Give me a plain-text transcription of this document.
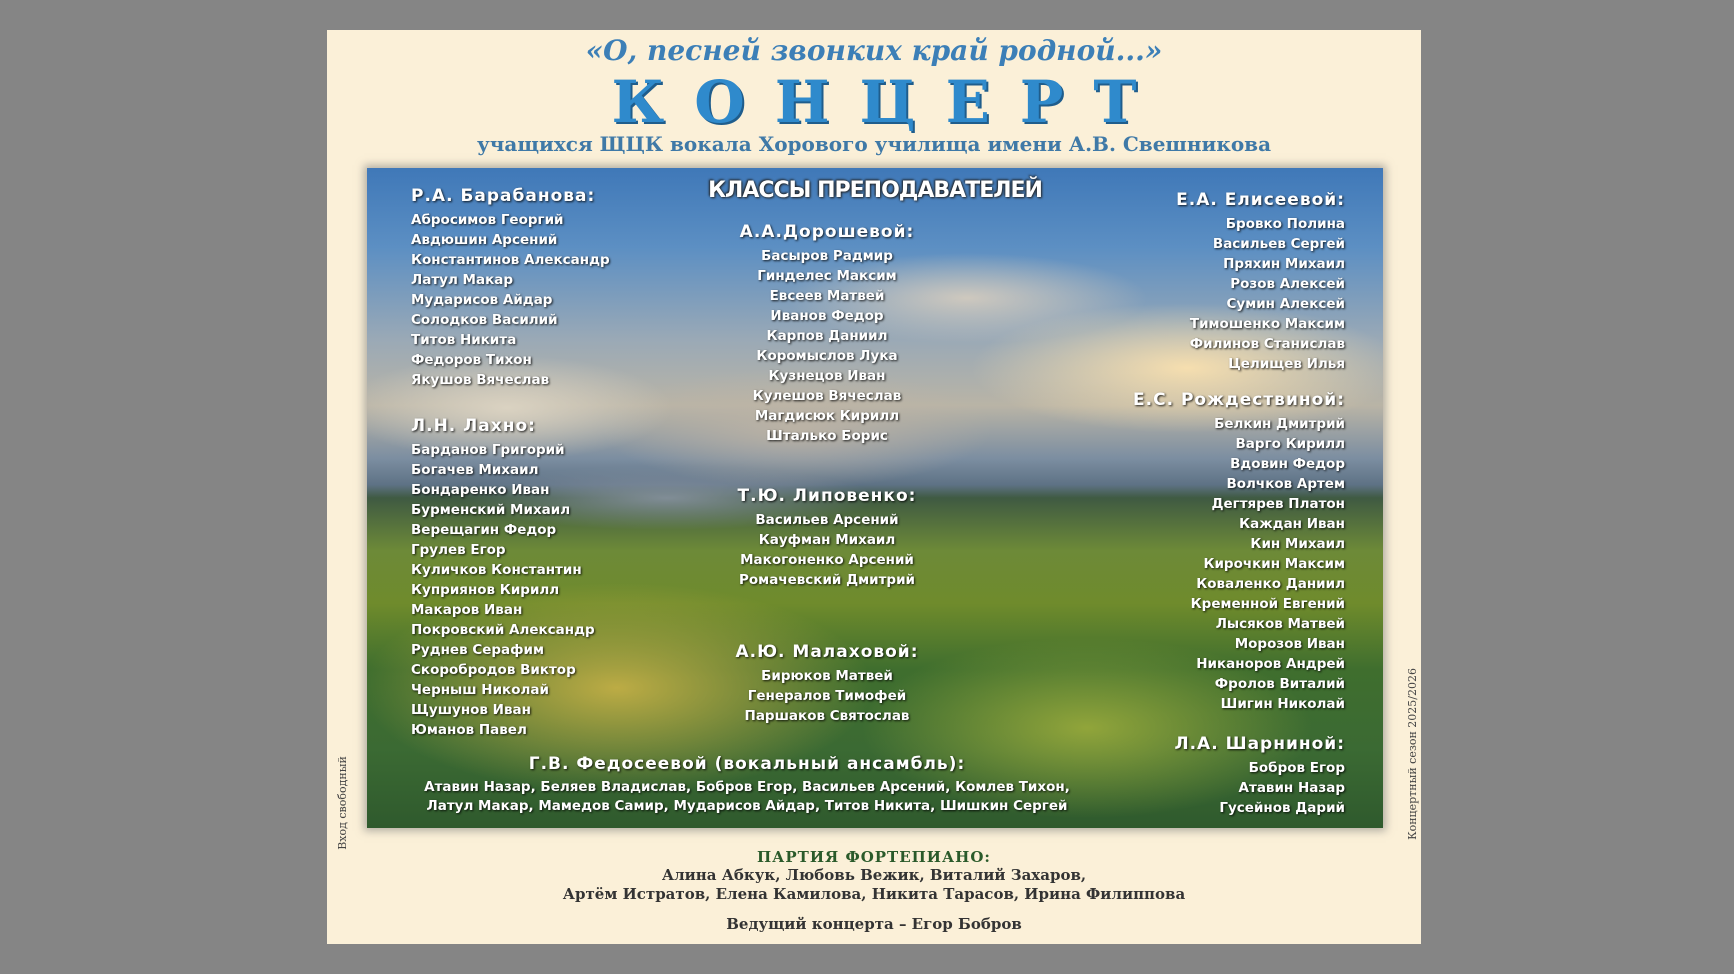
«О, песней звонких край родной...»
КОНЦЕРТ
учащихся ЩЦК вокала Хорового училища имени А.В. Свешникова
Вход свободный	Концертный сезон 2025/2026
КЛАССЫ ПРЕПОДАВАТЕЛЕЙ
Р.А. Барабанова:
Абросимов Георгий
Авдюшин Арсений
Константинов Александр
Латул Макар
Мударисов Айдар
Солодков Василий
Титов Никита
Федоров Тихон
Якушов Вячеслав
Л.Н. Лахно:
Барданов Григорий
Богачев Михаил
Бондаренко Иван
Бурменский Михаил
Верещагин Федор
Грулев Егор
Куличков Константин
Куприянов Кирилл
Макаров Иван
Покровский Александр
Руднев Серафим
Скоробродов Виктор
Черныш Николай
Щушунов Иван
Юманов Павел
А.А.Дорошевой:
Басыров Радмир
Гинделес Максим
Евсеев Матвей
Иванов Федор
Карпов Даниил
Коромыслов Лука
Кузнецов Иван
Кулешов Вячеслав
Магдисюк Кирилл
Шталько Борис
Т.Ю. Липовенко:
Васильев Арсений
Кауфман Михаил
Макогоненко Арсений
Ромачевский Дмитрий
А.Ю. Малаховой:
Бирюков Матвей
Генералов Тимофей
Паршаков Святослав
Е.А. Елисеевой:
Бровко Полина
Васильев Сергей
Пряхин Михаил
Розов Алексей
Сумин Алексей
Тимошенко Максим
Филинов Станислав
Целищев Илья
Е.С. Рождествиной:
Белкин Дмитрий
Варго Кирилл
Вдовин Федор
Волчков Артем
Дегтярев Платон
Каждан Иван
Кин Михаил
Кирочкин Максим
Коваленко Даниил
Кременной Евгений
Лысяков Матвей
Морозов Иван
Никаноров Андрей
Фролов Виталий
Шигин Николай
Л.А. Шарниной:
Бобров Егор
Атавин Назар
Гусейнов Дарий
Г.В. Федосеевой (вокальный ансамбль):
Атавин Назар, Беляев Владислав, Бобров Егор, Васильев Арсений, Комлев Тихон,
Латул Макар, Мамедов Самир, Мударисов Айдар, Титов Никита, Шишкин Сергей
ПАРТИЯ ФОРТЕПИАНО:
Алина Абкук, Любовь Вежик, Виталий Захаров,
Артём Истратов, Елена Камилова, Никита Тарасов, Ирина Филиппова
Ведущий концерта – Егор Бобров
